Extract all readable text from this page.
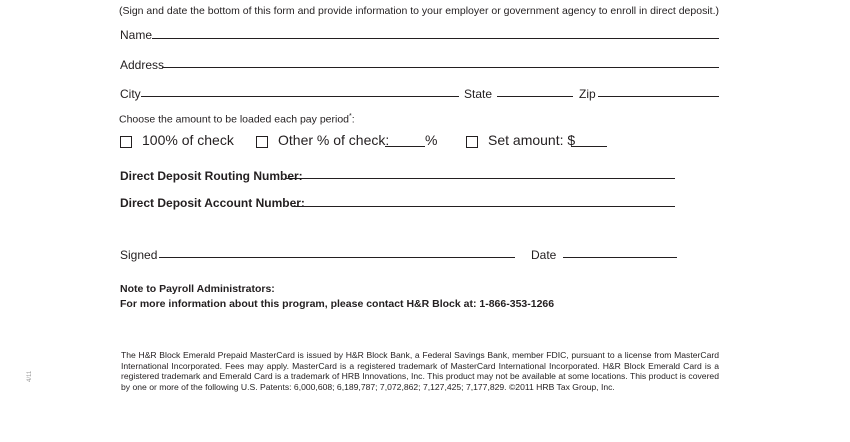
(Sign and date the bottom of this form and provide information to your employer or government agency to enroll in direct deposit.)
Name
Address
City	State	Zip
Choose the amount to be loaded each pay period*:
100% of check	Other % of check:	%	Set amount: $
Direct Deposit Routing Number:
Direct Deposit Account Number:
Signed	Date
Note to Payroll Administrators:
For more information about this program, please contact H&R Block at: 1-866-353-1266
The H&R Block Emerald Prepaid MasterCard is issued by H&R Block Bank, a Federal Savings Bank, member FDIC, pursuant to a license from MasterCard International Incorporated. Fees may apply. MasterCard is a registered trademark of MasterCard International Incorporated. H&R Block Emerald Card is a registered trademark and Emerald Card is a trademark of HRB Innovations, Inc. This product may not be available at some locations. This product is covered by one or more of the following U.S. Patents: 6,000,608; 6,189,787; 7,072,862; 7,127,425; 7,177,829. ©2011 HRB Tax Group, Inc.
4/11
